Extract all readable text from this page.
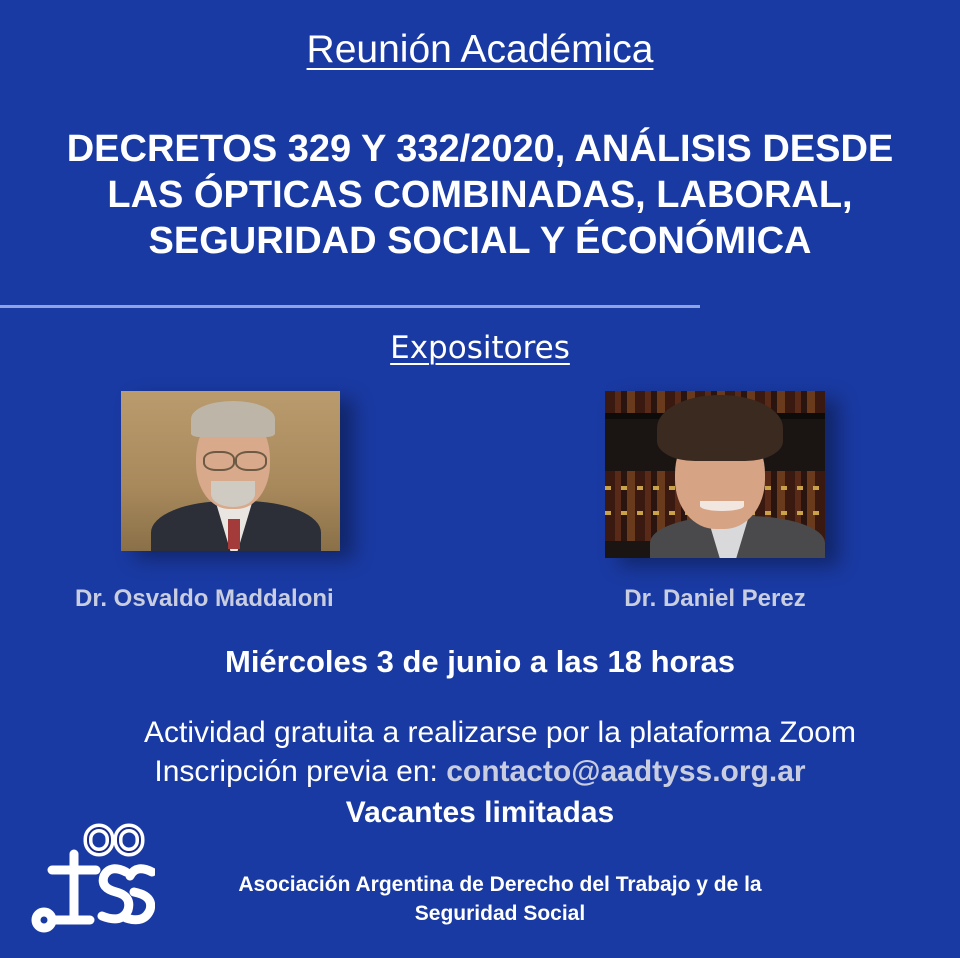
Reunión Académica
DECRETOS 329 Y 332/2020, ANÁLISIS DESDE
LAS ÓPTICAS COMBINADAS, LABORAL,
SEGURIDAD SOCIAL Y ÉCONÓMICA
Expositores
Dr. Osvaldo Maddaloni	Dr. Daniel Perez
Miércoles 3 de junio a las 18 horas
Actividad gratuita a realizarse por la plataforma Zoom
Inscripción previa en: contacto@aadtyss.org.ar
Vacantes limitadas
Asociación Argentina de Derecho del Trabajo y de la
Seguridad Social
